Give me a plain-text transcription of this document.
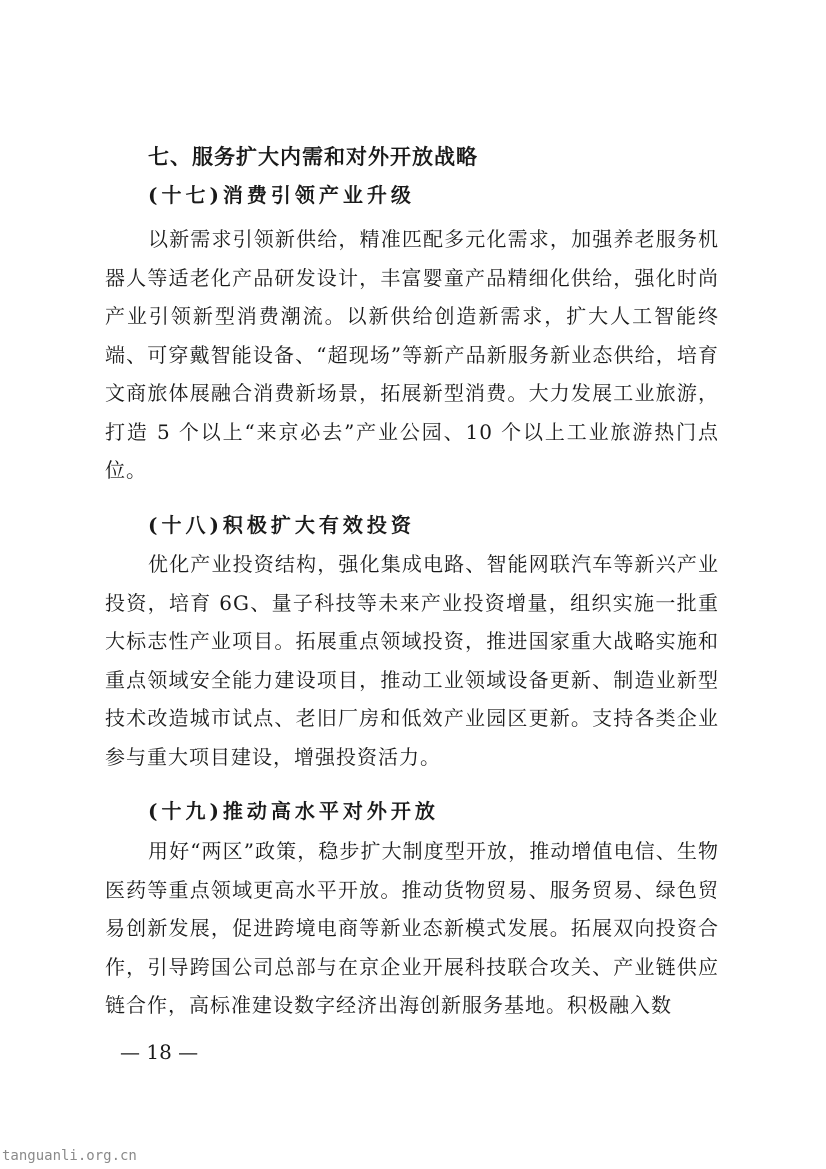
七、服务扩大内需和对外开放战略
(十七)消费引领产业升级

以新需求引领新供给，精准匹配多元化需求，加强养老服务机器人等适老化产品研发设计，丰富婴童产品精细化供给，强化时尚产业引领新型消费潮流。以新供给创造新需求，扩大人工智能终端、可穿戴智能设备、“超现场”等新产品新服务新业态供给，培育文商旅体展融合消费新场景，拓展新型消费。大力发展工业旅游，打造 5 个以上“来京必去”产业公园、10 个以上工业旅游热门点位。

(十八)积极扩大有效投资

优化产业投资结构，强化集成电路、智能网联汽车等新兴产业投资，培育 6G、量子科技等未来产业投资增量，组织实施一批重大标志性产业项目。拓展重点领域投资，推进国家重大战略实施和重点领域安全能力建设项目，推动工业领域设备更新、制造业新型技术改造城市试点、老旧厂房和低效产业园区更新。支持各类企业参与重大项目建设，增强投资活力。

(十九)推动高水平对外开放

用好“两区”政策，稳步扩大制度型开放，推动增值电信、生物医药等重点领域更高水平开放。推动货物贸易、服务贸易、绿色贸易创新发展，促进跨境电商等新业态新模式发展。拓展双向投资合作，引导跨国公司总部与在京企业开展科技联合攻关、产业链供应链合作，高标准建设数字经济出海创新服务基地。积极融入数

— 18 —

tanguanli.org.cn
